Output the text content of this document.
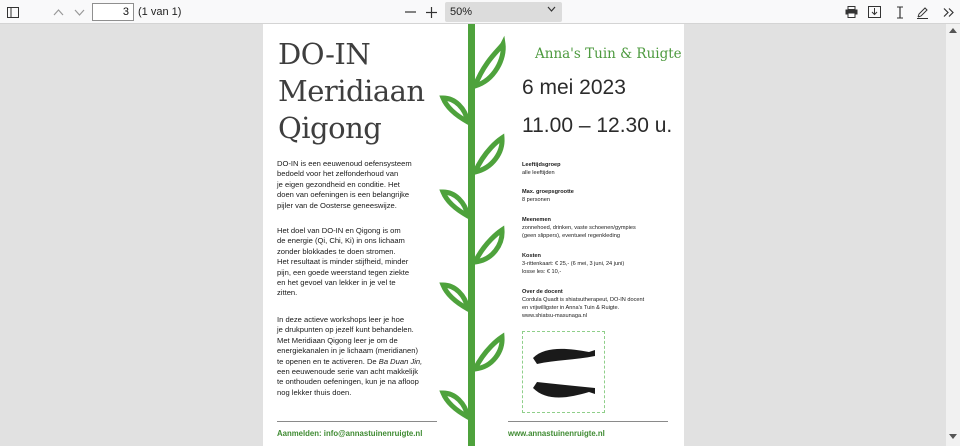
3
(1 van 1)	50%
DO-IN
Meridiaan
Qigong
DO-IN is een eeuwenoud oefensysteem
bedoeld voor het zelfonderhoud van
je eigen gezondheid en conditie. Het
doen van oefeningen is een belangrijke
pijler van de Oosterse geneeswijze.
Het doel van DO-IN en Qigong is om
de energie (Qi, Chi, Ki) in ons lichaam
zonder blokkades te doen stromen.
Het resultaat is minder stijfheid, minder
pijn, een goede weerstand tegen ziekte
en het gevoel van lekker in je vel te
zitten.
In deze actieve workshops leer je hoe
je drukpunten op jezelf kunt behandelen.
Met Meridiaan Qigong leer je om de
energiekanalen in je lichaam (meridianen)
te openen en te activeren. De Ba Duan Jin,
een eeuwenoude serie van acht makkelijk
te onthouden oefeningen, kun je na afloop
nog lekker thuis doen.
Anna's Tuin & Ruigte
6 mei 2023
11.00 – 12.30 u.
Leeftijdsgroep
alle leeftijden
Max. groepsgrootte
8 personen
Meenemen
zonnehoed, drinken, vaste schoenen/gympies
(geen slippers), eventueel regenkleding
Kosten
3-rittenkaart: € 25,- (6 mei, 3 juni, 24 juni)
losse les: € 10,-
Over de docent
Cordula Quadt is shiatsutherapeut, DO-IN docent
en vrijwilligster in Anna's Tuin & Ruigte.
www.shiatsu-masunaga.nl
Aanmelden: info@annastuinenruigte.nl	www.annastuinenruigte.nl
